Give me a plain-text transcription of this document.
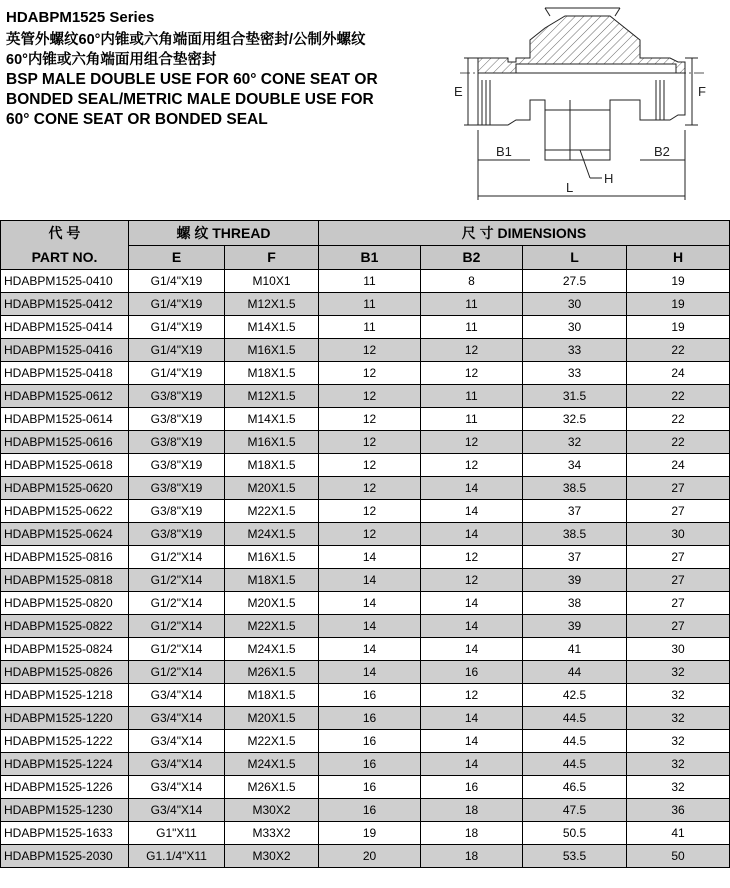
HDABPM1525 Series

英管外螺纹60°内锥或六角端面用组合垫密封/公制外螺纹

60°内锥或六角端面用组合垫密封

BSP MALE DOUBLE USE FOR 60° CONE SEAT OR

BONDED SEAL/METRIC MALE DOUBLE USE FOR

60° CONE SEAT OR BONDED SEAL

E	F
B1	B2
L
H
代 号
PART NO.	螺 纹 THREAD		尺 寸 DIMENSIONS			
	E	F	B1	B2	L	H
HDABPM1525-0410	G1/4"X19	M10X1	11	8	27.5	19
HDABPM1525-0412	G1/4"X19	M12X1.5	11	11	30	19
HDABPM1525-0414	G1/4"X19	M14X1.5	11	11	30	19
HDABPM1525-0416	G1/4"X19	M16X1.5	12	12	33	22
HDABPM1525-0418	G1/4"X19	M18X1.5	12	12	33	24
HDABPM1525-0612	G3/8"X19	M12X1.5	12	11	31.5	22
HDABPM1525-0614	G3/8"X19	M14X1.5	12	11	32.5	22
HDABPM1525-0616	G3/8"X19	M16X1.5	12	12	32	22
HDABPM1525-0618	G3/8"X19	M18X1.5	12	12	34	24
HDABPM1525-0620	G3/8"X19	M20X1.5	12	14	38.5	27
HDABPM1525-0622	G3/8"X19	M22X1.5	12	14	37	27
HDABPM1525-0624	G3/8"X19	M24X1.5	12	14	38.5	30
HDABPM1525-0816	G1/2"X14	M16X1.5	14	12	37	27
HDABPM1525-0818	G1/2"X14	M18X1.5	14	12	39	27
HDABPM1525-0820	G1/2"X14	M20X1.5	14	14	38	27
HDABPM1525-0822	G1/2"X14	M22X1.5	14	14	39	27
HDABPM1525-0824	G1/2"X14	M24X1.5	14	14	41	30
HDABPM1525-0826	G1/2"X14	M26X1.5	14	16	44	32
HDABPM1525-1218	G3/4"X14	M18X1.5	16	12	42.5	32
HDABPM1525-1220	G3/4"X14	M20X1.5	16	14	44.5	32
HDABPM1525-1222	G3/4"X14	M22X1.5	16	14	44.5	32
HDABPM1525-1224	G3/4"X14	M24X1.5	16	14	44.5	32
HDABPM1525-1226	G3/4"X14	M26X1.5	16	16	46.5	32
HDABPM1525-1230	G3/4"X14	M30X2	16	18	47.5	36
HDABPM1525-1633	G1"X11	M33X2	19	18	50.5	41
HDABPM1525-2030	G1.1/4"X11	M30X2	20	18	53.5	50
